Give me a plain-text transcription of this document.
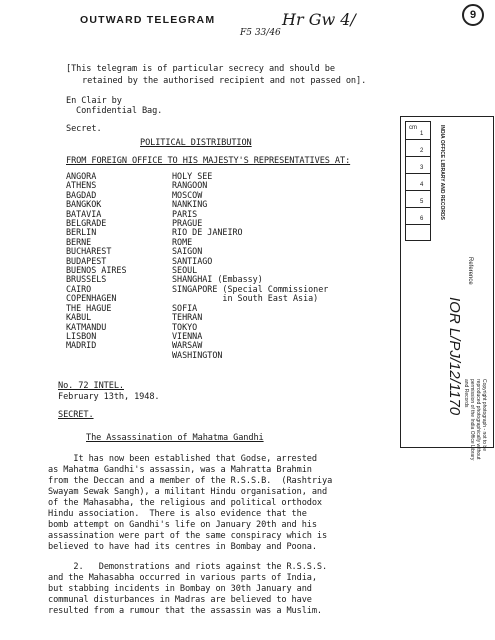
OUTWARD TELEGRAM
F5 33/46
Hr Gw 4/	9
[This telegram is of particular secrecy and should be
retained by the authorised recipient and not passed on].
En Clair by
Confidential Bag.
Secret.
POLITICAL DISTRIBUTION
FROM FOREIGN OFFICE TO HIS MAJESTY'S REPRESENTATIVES AT:
ANGORA
ATHENS
BAGDAD
BANGKOK
BATAVIA
BELGRADE
BERLIN
BERNE
BUCHAREST
BUDAPEST
BUENOS AIRES
BRUSSELS
CAIRO
COPENHAGEN
THE HAGUE
KABUL
KATMANDU
LISBON
MADRID
HOLY SEE
RANGOON
MOSCOW
NANKING
PARIS
PRAGUE
RIO DE JANEIRO
ROME
SAIGON
SANTIAGO
SEOUL
SHANGHAI (Embassy)
SINGAPORE (Special Commissioner
in South East Asia)
SOFIA
TEHRAN
TOKYO
VIENNA
WARSAW
WASHINGTON
No. 72 INTEL.
February 13th, 1948.
SECRET.
The Assassination of Mahatma Gandhi
It has now been established that Godse, arrested
as Mahatma Gandhi's assassin, was a Mahratta Brahmin
from the Deccan and a member of the R.S.S.B.  (Rashtriya
Swayam Sewak Sangh), a militant Hindu organisation, and
of the Mahasabha, the religious and political orthodox
Hindu association.  There is also evidence that the
bomb attempt on Gandhi's life on January 20th and his
assassination were part of the same conspiracy which is
believed to have had its centres in Bombay and Poona.
2.   Demonstrations and riots against the R.S.S.S.
and the Mahasabha occurred in various parts of India,
but stabbing incidents in Bombay on 30th January and
communal disturbances in Madras are believed to have
resulted from a rumour that the assassin was a Muslim.
1
2
3
4
5
6
cm	INDIA OFFICE LIBRARY AND RECORDS
Reference
IOR L/PJ/12/1170	Copyright photograph - not to be
reproduced photographically without
permission of the India Office Library
and Records
